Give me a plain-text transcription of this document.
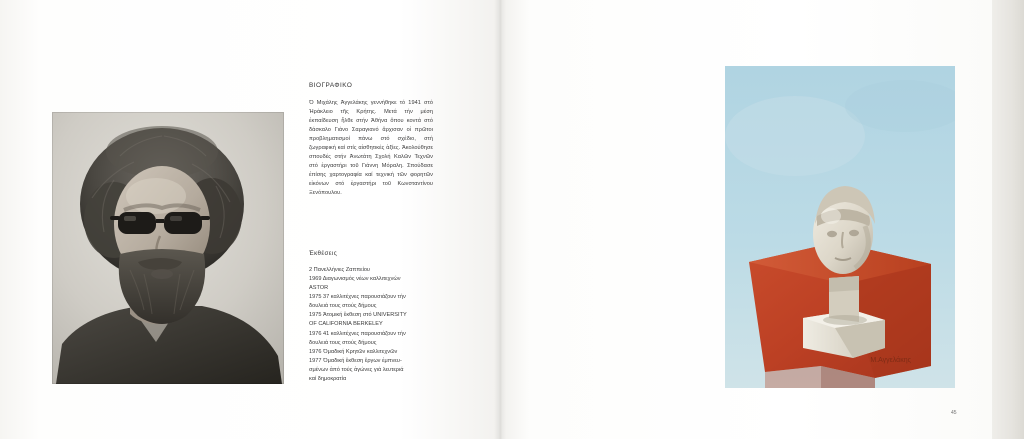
ΒΙΟΓΡΑΦΙΚΟ

Ὁ Μιχάλης Ἀγγελάκης γεννήθηκε τό 1941 στό Ἡράκλειο τῆς Κρήτης. Μετά τήν μέση ἐκπαίδευση ἦλθε στήν Ἀθήνα ὅπου κοντά στό δάσκαλο Γιάνο Σαραγιανό ἄρχισαν οἱ πρῶτοι προβληματισμοί πάνω στό σχέδιο, στή ζωγραφική καί στίς αἰσθητικές ἀξίες. Ἀκολούθησε σπουδές στήν Ἀνωτάτη Σχολή Καλῶν Τεχνῶν στό ἐργαστήρι τοῦ Γιάννη Μόραλη. Σπούδασε ἐπίσης χαρτογραφία καί τεχνική τῶν φορητῶν εἰκόνων στό ἐργαστήρι τοῦ Κωνσταντίνου Ξενόπουλου.

Ἐκθέσεις
2 Πανελλήνιες Ζαππείου
1969 Διαγωνισμός νέων καλλιτεχνών
ASTOR
1975 37 καλλιτέχνες παρουσιάζουν τήν
δουλειά τους στούς δήμους
1975 Ἀτομική ἔκθεση στό UNIVERSITY
OF CALIFORNIA BERKELEY
1976 41 καλλιτέχνες παρουσιάζουν τήν
δουλειά τους στούς δήμους
1976 Ὁμαδική Κρητῶν καλλιτεχνῶν
1977 Ὁμαδική ἔκθεση ἔργων ἐμπνευ-
σμένων ἀπό τούς ἀγώνες γιά λευτεριά
καί δημοκρατία
Μ.Αγγελάκης
45
